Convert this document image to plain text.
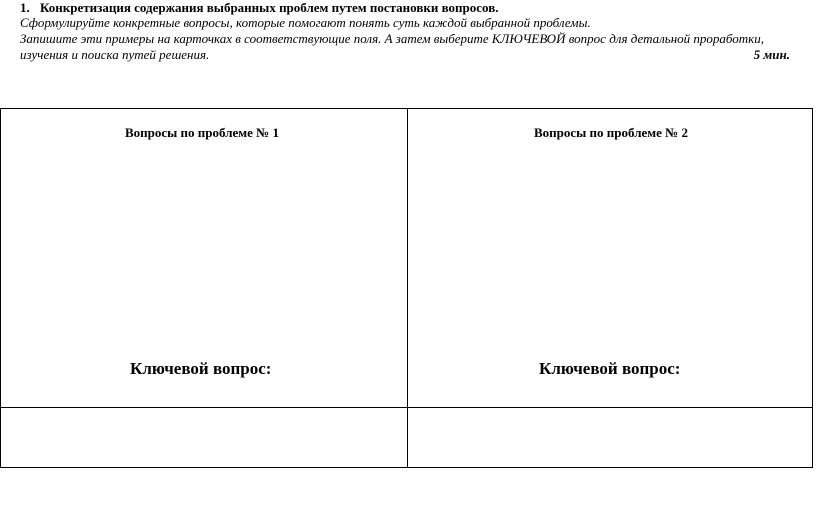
1. Конкретизация содержания выбранных проблем путем постановки вопросов.

Сформулируйте конкретные вопросы, которые помогают понять суть каждой выбранной проблемы.

Запишите эти примеры на карточках в соответствующие поля. А затем выберите КЛЮЧЕВОЙ вопрос для детальной проработки,

изучения и поиска путей решения.	5 мин.
Вопросы по проблеме № 1
Ключевой вопрос:
Вопросы по проблеме № 2
Ключевой вопрос:
